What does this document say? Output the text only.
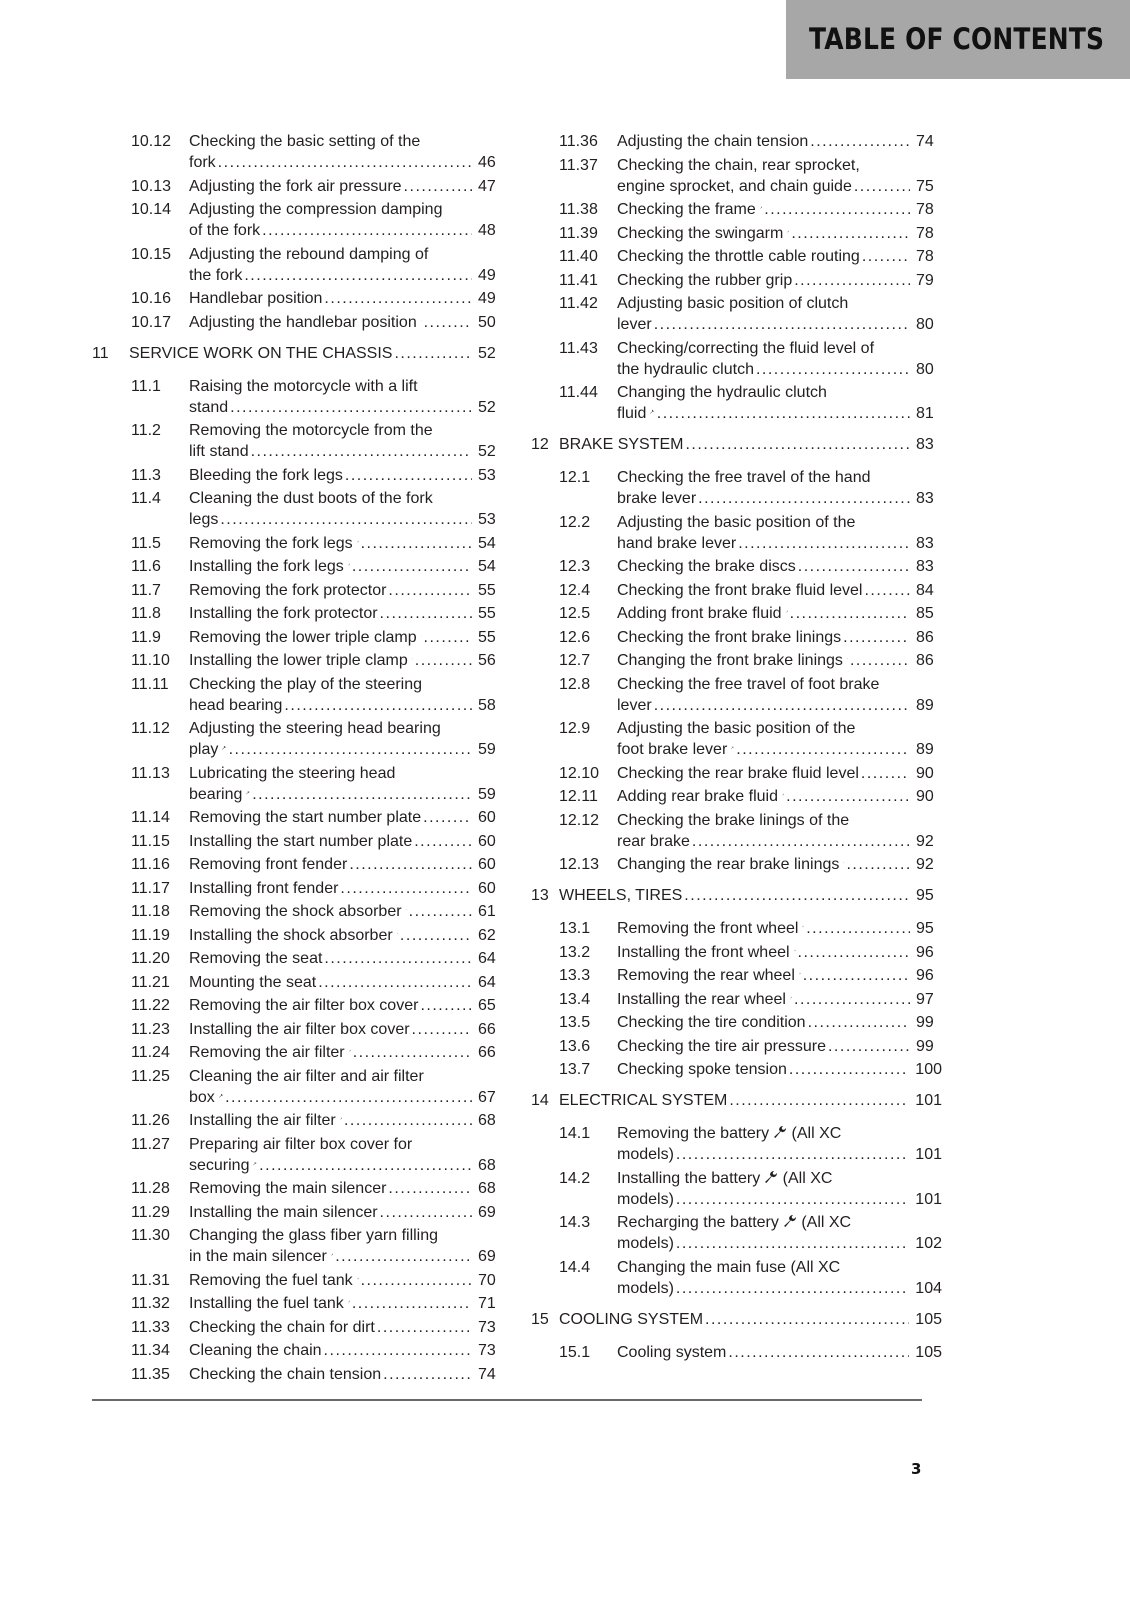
TABLE OF CONTENTS
10.12 Checking the basic setting of the
fork .....	46
10.13 Adjusting the fork air pressure .....	47
10.14 Adjusting the compression damping
of the fork .....	48
10.15 Adjusting the rebound damping of
the fork .....	49
10.16 Handlebar position .....	49
10.17 Adjusting the handlebar position .....	50
11 SERVICE WORK ON THE CHASSIS .....	52
11.1 Raising the motorcycle with a lift
stand .....	52
11.2 Removing the motorcycle from the
lift stand .....	52
11.3 Bleeding the fork legs .....	53
11.4 Cleaning the dust boots of the fork
legs .....	53
11.5 Removing the fork legs .....	54
11.6 Installing the fork legs .....	54
11.7 Removing the fork protector .....	55
11.8 Installing the fork protector .....	55
11.9 Removing the lower triple clamp .....	55
11.10 Installing the lower triple clamp .....	56
11.11 Checking the play of the steering
head bearing .....	58
11.12 Adjusting the steering head bearing
play .....	59
11.13 Lubricating the steering head
bearing .....	59
11.14 Removing the start number plate .....	60
11.15 Installing the start number plate .....	60
11.16 Removing front fender .....	60
11.17 Installing front fender .....	60
11.18 Removing the shock absorber .....	61
11.19 Installing the shock absorber .....	62
11.20 Removing the seat .....	64
11.21 Mounting the seat .....	64
11.22 Removing the air filter box cover .....	65
11.23 Installing the air filter box cover .....	66
11.24 Removing the air filter .....	66
11.25 Cleaning the air filter and air filter
box .....	67
11.26 Installing the air filter .....	68
11.27 Preparing air filter box cover for
securing .....	68
11.28 Removing the main silencer .....	68
11.29 Installing the main silencer .....	69
11.30 Changing the glass fiber yarn filling
in the main silencer .....	69
11.31 Removing the fuel tank .....	70
11.32 Installing the fuel tank .....	71
11.33 Checking the chain for dirt .....	73
11.34 Cleaning the chain .....	73
11.35 Checking the chain tension .....	74
11.36 Adjusting the chain tension .....	74
11.37 Checking the chain, rear sprocket,
engine sprocket, and chain guide .....	75
11.38 Checking the frame .....	78
11.39 Checking the swingarm .....	78
11.40 Checking the throttle cable routing .....	78
11.41 Checking the rubber grip .....	79
11.42 Adjusting basic position of clutch
lever .....	80
11.43 Checking/correcting the fluid level of
the hydraulic clutch .....	80
11.44 Changing the hydraulic clutch
fluid .....	81
12 BRAKE SYSTEM .....	83
12.1 Checking the free travel of the hand
brake lever .....	83
12.2 Adjusting the basic position of the
hand brake lever .....	83
12.3 Checking the brake discs .....	83
12.4 Checking the front brake fluid level .....	84
12.5 Adding front brake fluid .....	85
12.6 Checking the front brake linings .....	86
12.7 Changing the front brake linings .....	86
12.8 Checking the free travel of foot brake
lever .....	89
12.9 Adjusting the basic position of the
foot brake lever .....	89
12.10 Checking the rear brake fluid level .....	90
12.11 Adding rear brake fluid .....	90
12.12 Checking the brake linings of the
rear brake .....	92
12.13 Changing the rear brake linings .....	92
13 WHEELS, TIRES .....	95
13.1 Removing the front wheel .....	95
13.2 Installing the front wheel .....	96
13.3 Removing the rear wheel .....	96
13.4 Installing the rear wheel .....	97
13.5 Checking the tire condition .....	99
13.6 Checking the tire air pressure .....	99
13.7 Checking spoke tension .....	100
14 ELECTRICAL SYSTEM .....	101
14.1 Removing the battery (All XC
models) .....	101
14.2 Installing the battery (All XC
models) .....	101
14.3 Recharging the battery (All XC
models) .....	102
14.4 Changing the main fuse (All XC
models) .....	104
15 COOLING SYSTEM .....	105
15.1 Cooling system .....	105
3
